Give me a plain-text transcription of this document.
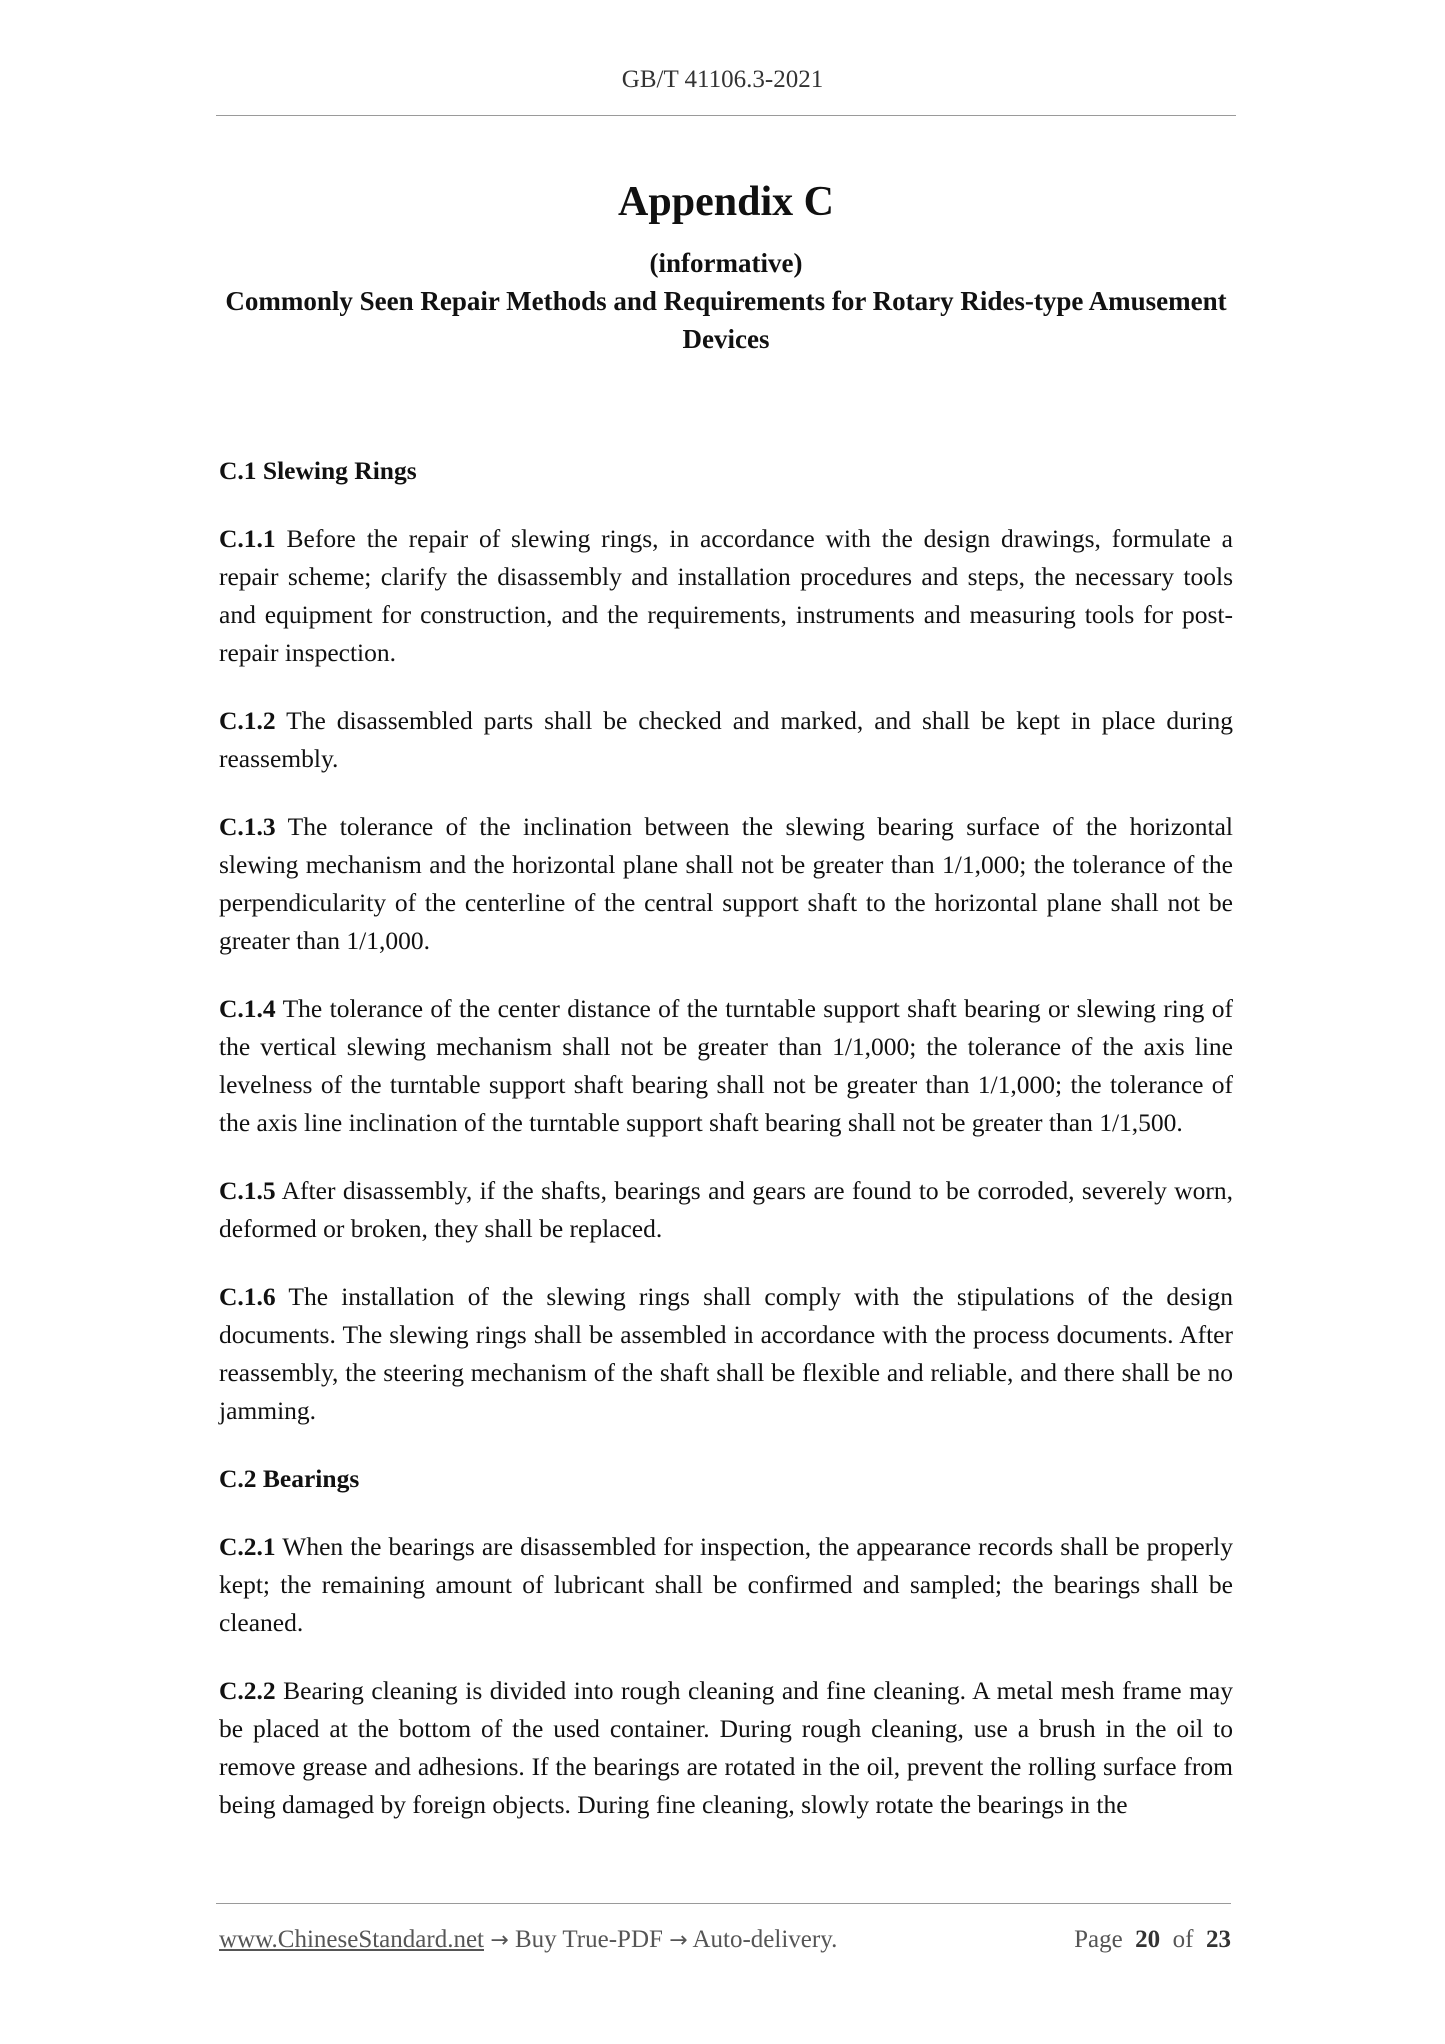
GB/T 41106.3-2021
Appendix C
(informative)
Commonly Seen Repair Methods and Requirements for Rotary Rides-type Amusement
Devices

C.1 Slewing Rings

C.1.1 Before the repair of slewing rings, in accordance with the design drawings, formulate a repair scheme; clarify the disassembly and installation procedures and steps, the necessary tools and equipment for construction, and the requirements, instruments and measuring tools for post-repair inspection.

C.1.2 The disassembled parts shall be checked and marked, and shall be kept in place during reassembly.

C.1.3 The tolerance of the inclination between the slewing bearing surface of the horizontal slewing mechanism and the horizontal plane shall not be greater than 1/1,000; the tolerance of the perpendicularity of the centerline of the central support shaft to the horizontal plane shall not be greater than 1/1,000.

C.1.4 The tolerance of the center distance of the turntable support shaft bearing or slewing ring of the vertical slewing mechanism shall not be greater than 1/1,000; the tolerance of the axis line levelness of the turntable support shaft bearing shall not be greater than 1/1,000; the tolerance of the axis line inclination of the turntable support shaft bearing shall not be greater than 1/1,500.

C.1.5 After disassembly, if the shafts, bearings and gears are found to be corroded, severely worn, deformed or broken, they shall be replaced.

C.1.6 The installation of the slewing rings shall comply with the stipulations of the design documents. The slewing rings shall be assembled in accordance with the process documents. After reassembly, the steering mechanism of the shaft shall be flexible and reliable, and there shall be no jamming.

C.2 Bearings

C.2.1 When the bearings are disassembled for inspection, the appearance records shall be properly kept; the remaining amount of lubricant shall be confirmed and sampled; the bearings shall be cleaned.

C.2.2 Bearing cleaning is divided into rough cleaning and fine cleaning. A metal mesh frame may be placed at the bottom of the used container. During rough cleaning, use a brush in the oil to remove grease and adhesions. If the bearings are rotated in the oil, prevent the rolling surface from being damaged by foreign objects. During fine cleaning, slowly rotate the bearings in the

www.ChineseStandard.net → Buy True-PDF → Auto-delivery.	Page 20 of 23
